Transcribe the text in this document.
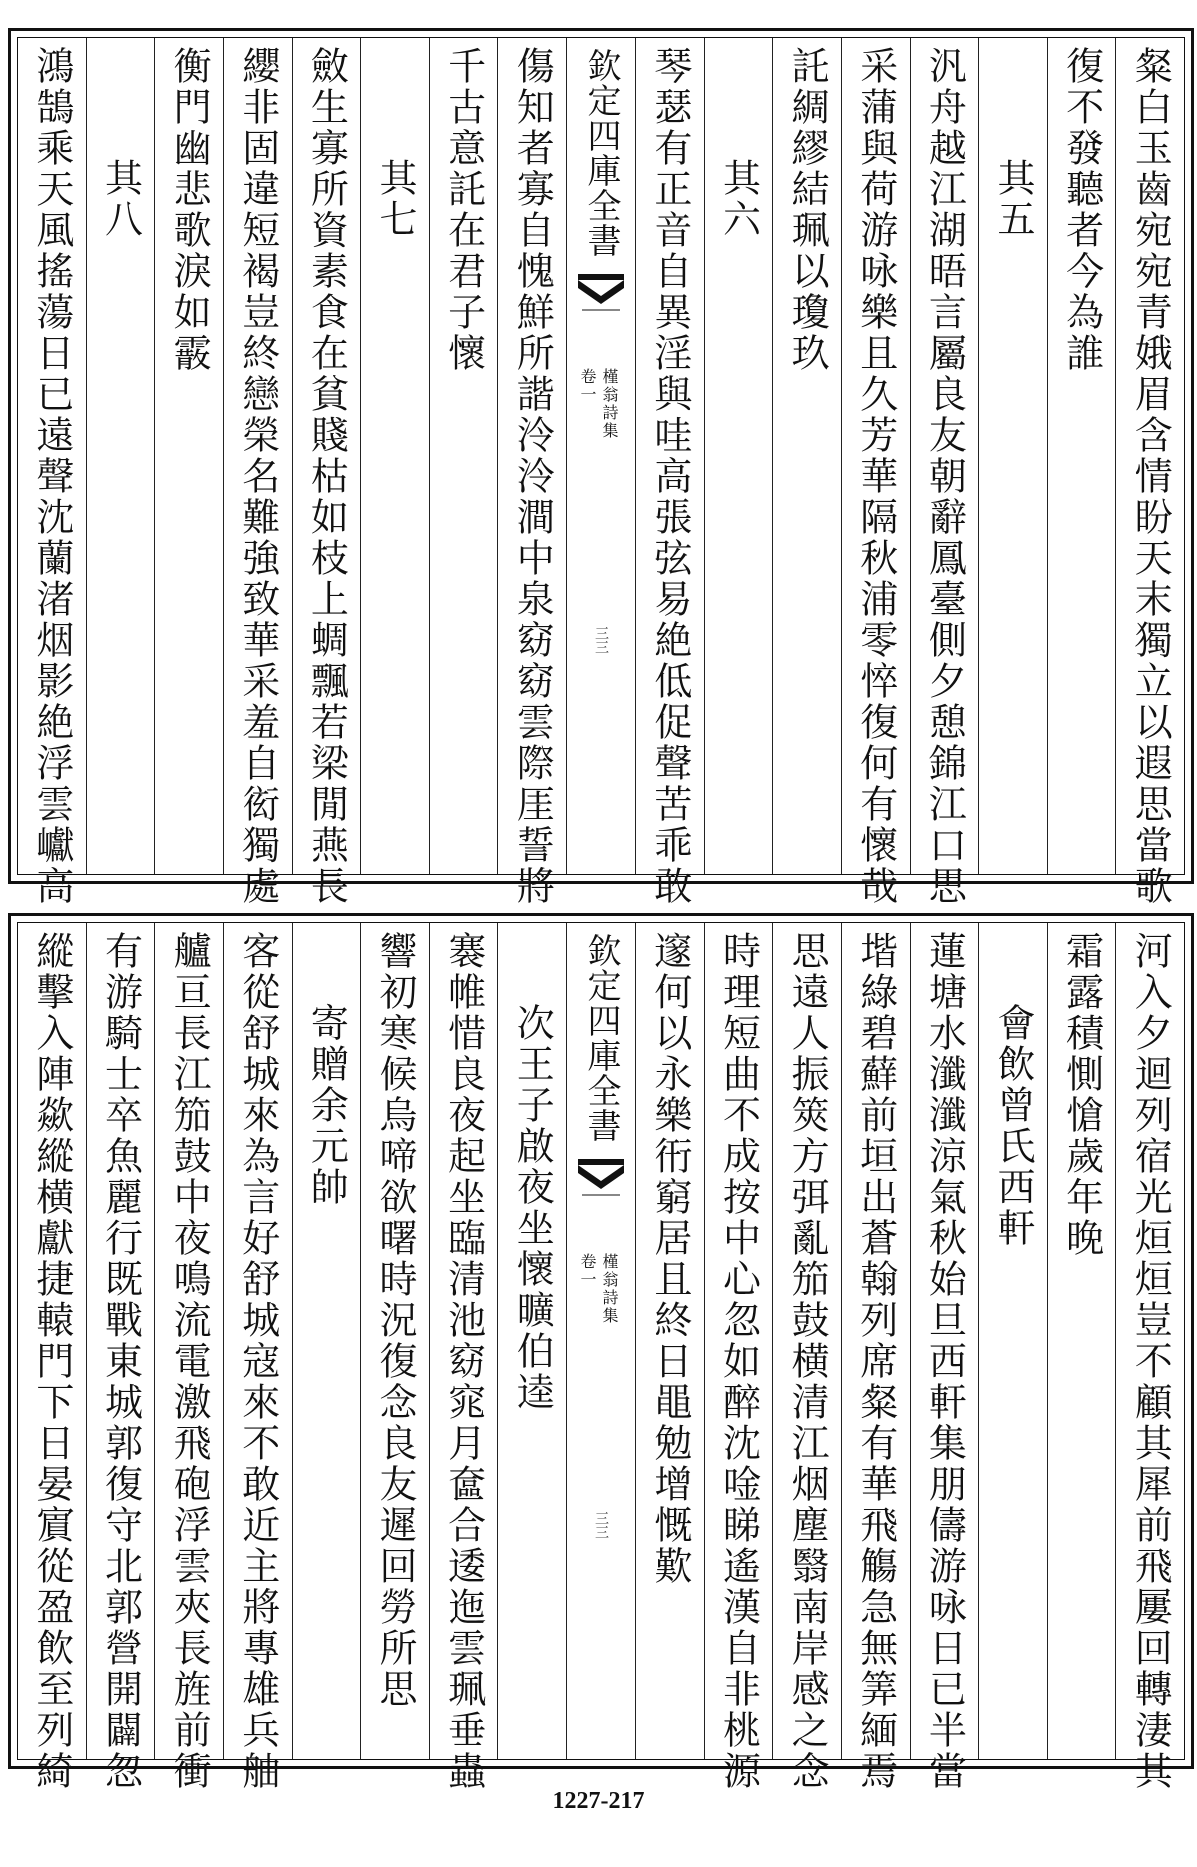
粲白玉齒宛宛青娥眉含情盼天末獨立以遐思當歌
復不發聽者今為誰
其五
汎舟越江湖晤言屬良友朝辭鳳臺側夕憩錦江口思
采蒲與荷游咏樂且久芳華隔秋浦零悴復何有懷哉
託綢繆結珮以瓊玖
其六
琴瑟有正音自異淫與哇高張弦易絶低促聲苦乖敢
欽定四庫全書
槿翁詩集
卷一
三三
傷知者寡自愧鮮所諧泠泠澗中泉窈窈雲際厓誓將
千古意託在君子懷
其七
斂生寡所資素食在貧賤枯如枝上蜩飄若梁閒燕長
纓非固違短褐豈終戀榮名難強致華采羞自衒獨處
衡門幽悲歌淚如霰
其八
鴻鵠乘天風搖蕩日已遠聲沈蘭渚烟影絶浮雲巘高
河入夕迴列宿光烜烜豈不顧其犀前飛屢回轉淒其
霜露積惻愴歲年晚
會飲曾氏西軒
蓮塘水瀸瀸涼氣秋始旦西軒集朋儔游咏日已半當
堦綠碧蘚前垣出蒼翰列席粲有華飛觴急無筭緬焉
思遠人振筴方弭亂笳鼓横清江烟塵翳南岸感之念
時理短曲不成按中心忽如醉沈唫睇遙漢自非桃源
邃何以永樂衎窮居且終日黽勉增慨歎
欽定四庫全書
槿翁詩集
卷一
三三
次王子啟夜坐懷曠伯逵
褰帷惜良夜起坐臨清池窈窕月奩合逶迤雲珮垂蟲
響初寒候烏啼欲曙時況復念良友遲回勞所思
寄贈余元帥
客從舒城來為言好舒城寇來不敢近主將專雄兵舳
艫亘長江笳鼓中夜鳴流電激飛砲浮雲夾長旌前衝
有游騎士卒魚麗行既戰東城郭復守北郭營開闢忽
縱擊入陣歘縱横獻捷轅門下日晏賔從盈飲至列綺
1227-217
